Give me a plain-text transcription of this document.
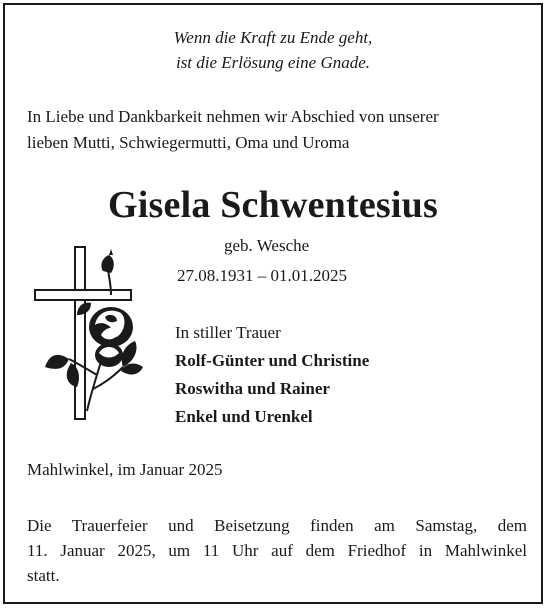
Wenn die Kraft zu Ende geht,
ist die Erlösung eine Gnade.
In Liebe und Dankbarkeit nehmen wir Abschied von unserer
lieben Mutti, Schwiegermutti, Oma und Uroma
Gisela Schwentesius
geb. Wesche
27.08.1931 – 01.01.2025
In stiller Trauer
Rolf-Günter und Christine
Roswitha und Rainer
Enkel und Urenkel
Mahlwinkel, im Januar 2025
Die Trauerfeier und Beisetzung finden am Samstag, dem
11. Januar 2025, um 11 Uhr auf dem Friedhof in Mahlwinkel
statt.
